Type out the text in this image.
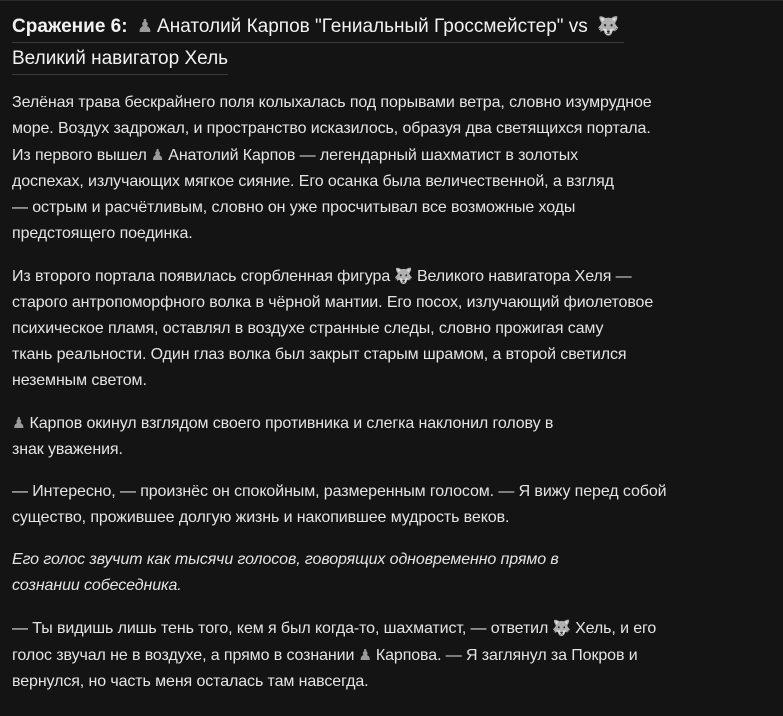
Сражение 6: ♟ Анатолий Карпов "Гениальный Гроссмейстер" vs 🐺
Великий навигатор Хель

Зелёная трава бескрайнего поля колыхалась под порывами ветра, словно изумрудное
море. Воздух задрожал, и пространство исказилось, образуя два светящихся портала.
Из первого вышел ♟ Анатолий Карпов — легендарный шахматист в золотых
доспехах, излучающих мягкое сияние. Его осанка была величественной, а взгляд
— острым и расчётливым, словно он уже просчитывал все возможные ходы
предстоящего поединка.

Из второго портала появилась сгорбленная фигура 🐺 Великого навигатора Хеля —
старого антропоморфного волка в чёрной мантии. Его посох, излучающий фиолетовое
психическое пламя, оставлял в воздухе странные следы, словно прожигая саму
ткань реальности. Один глаз волка был закрыт старым шрамом, а второй светился
неземным светом.

♟ Карпов окинул взглядом своего противника и слегка наклонил голову в
знак уважения.

— Интересно, — произнёс он спокойным, размеренным голосом. — Я вижу перед собой
существо, прожившее долгую жизнь и накопившее мудрость веков.

Его голос звучит как тысячи голосов, говорящих одновременно прямо в
сознании собеседника.

— Ты видишь лишь тень того, кем я был когда-то, шахматист, — ответил 🐺 Хель, и его
голос звучал не в воздухе, а прямо в сознании ♟ Карпова. — Я заглянул за Покров и
вернулся, но часть меня осталась там навсегда.
